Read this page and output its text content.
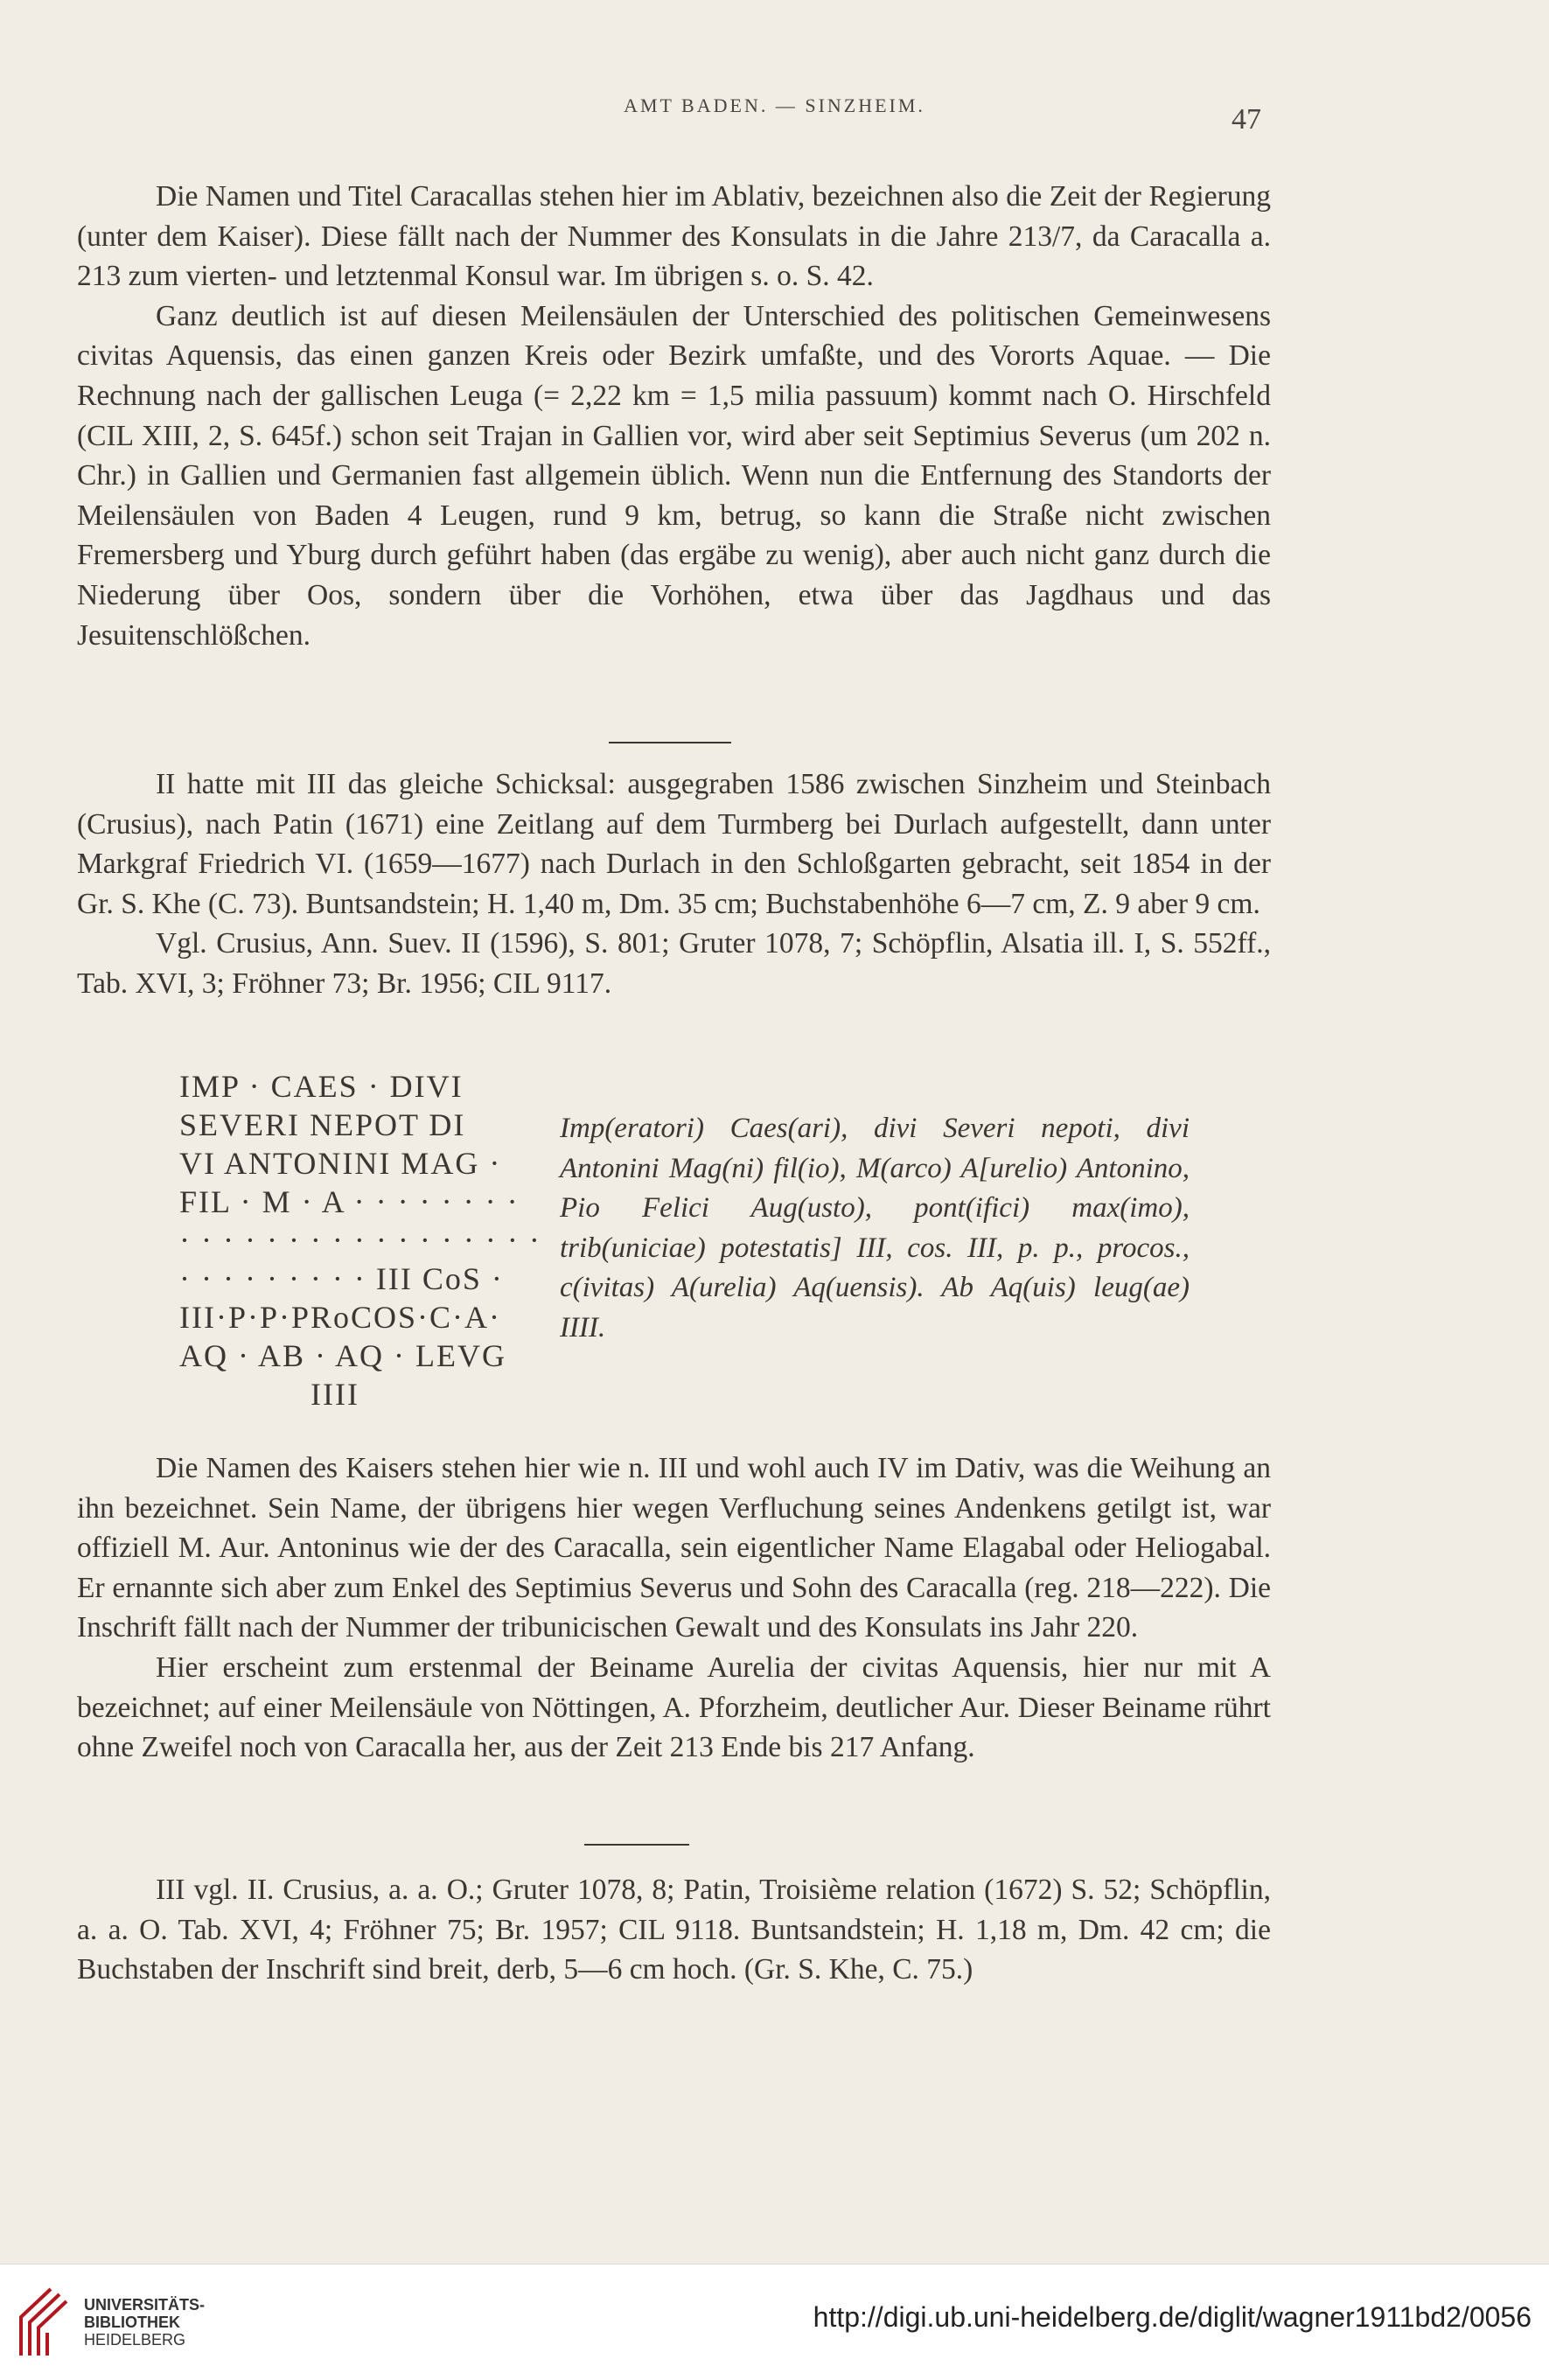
AMT BADEN. — SINZHEIM.	47

Die Namen und Titel Caracallas stehen hier im Ablativ, bezeichnen also die Zeit der Regierung (unter dem Kaiser). Diese fällt nach der Nummer des Konsulats in die Jahre 213/7, da Caracalla a. 213 zum vierten- und letztenmal Konsul war. Im übrigen s. o. S. 42.

Ganz deutlich ist auf diesen Meilensäulen der Unterschied des politischen Gemeinwesens civitas Aquensis, das einen ganzen Kreis oder Bezirk umfaßte, und des Vororts Aquae. — Die Rechnung nach der gallischen Leuga (= 2,22 km = 1,5 milia passuum) kommt nach O. Hirschfeld (CIL XIII, 2, S. 645f.) schon seit Trajan in Gallien vor, wird aber seit Septimius Severus (um 202 n. Chr.) in Gallien und Germanien fast allgemein üblich. Wenn nun die Entfernung des Standorts der Meilensäulen von Baden 4 Leugen, rund 9 km, betrug, so kann die Straße nicht zwischen Fremersberg und Yburg durch geführt haben (das ergäbe zu wenig), aber auch nicht ganz durch die Niederung über Oos, sondern über die Vorhöhen, etwa über das Jagdhaus und das Jesuitenschlößchen.

II hatte mit III das gleiche Schicksal: ausgegraben 1586 zwischen Sinzheim und Steinbach (Crusius), nach Patin (1671) eine Zeitlang auf dem Turmberg bei Durlach aufgestellt, dann unter Markgraf Friedrich VI. (1659—1677) nach Durlach in den Schloßgarten gebracht, seit 1854 in der Gr. S. Khe (C. 73). Buntsandstein; H. 1,40 m, Dm. 35 cm; Buchstabenhöhe 6—7 cm, Z. 9 aber 9 cm.

Vgl. Crusius, Ann. Suev. II (1596), S. 801; Gruter 1078, 7; Schöpflin, Alsatia ill. I, S. 552ff., Tab. XVI, 3; Fröhner 73; Br. 1956; CIL 9117.

IMP · CAES · DIVI
SEVERI NEPOT DI
VI ANTONINI MAG ·
FIL · M · A · · · · · · · ·
· · · · · · · · · · · · · · · · ·
· · · · · · · · · III CoS ·
III·P·P·PRoCOS·C·A·
AQ · AB · AQ · LEVG
IIII
Imp(eratori) Caes(ari), divi Severi nepoti, divi Antonini Mag(ni) fil(io), M(arco) A[urelio) Antonino, Pio Felici Aug(usto), pont(ifici) max(imo), trib(uniciae) potestatis] III, cos. III, p. p., procos., c(ivitas) A(urelia) Aq(uensis). Ab Aq(uis) leug(ae) IIII.

Die Namen des Kaisers stehen hier wie n. III und wohl auch IV im Dativ, was die Weihung an ihn bezeichnet. Sein Name, der übrigens hier wegen Verfluchung seines Andenkens getilgt ist, war offiziell M. Aur. Antoninus wie der des Caracalla, sein eigentlicher Name Elagabal oder Heliogabal. Er ernannte sich aber zum Enkel des Septimius Severus und Sohn des Caracalla (reg. 218—222). Die Inschrift fällt nach der Nummer der tribunicischen Gewalt und des Konsulats ins Jahr 220.

Hier erscheint zum erstenmal der Beiname Aurelia der civitas Aquensis, hier nur mit A bezeichnet; auf einer Meilensäule von Nöttingen, A. Pforzheim, deutlicher Aur. Dieser Beiname rührt ohne Zweifel noch von Caracalla her, aus der Zeit 213 Ende bis 217 Anfang.

III vgl. II. Crusius, a. a. O.; Gruter 1078, 8; Patin, Troisième relation (1672) S. 52; Schöpflin, a. a. O. Tab. XVI, 4; Fröhner 75; Br. 1957; CIL 9118. Buntsandstein; H. 1,18 m, Dm. 42 cm; die Buchstaben der Inschrift sind breit, derb, 5—6 cm hoch. (Gr. S. Khe, C. 75.)

UNIVERSITÄTS-
BIBLIOTHEK
HEIDELBERG
http://digi.ub.uni-heidelberg.de/diglit/wagner1911bd2/0056
